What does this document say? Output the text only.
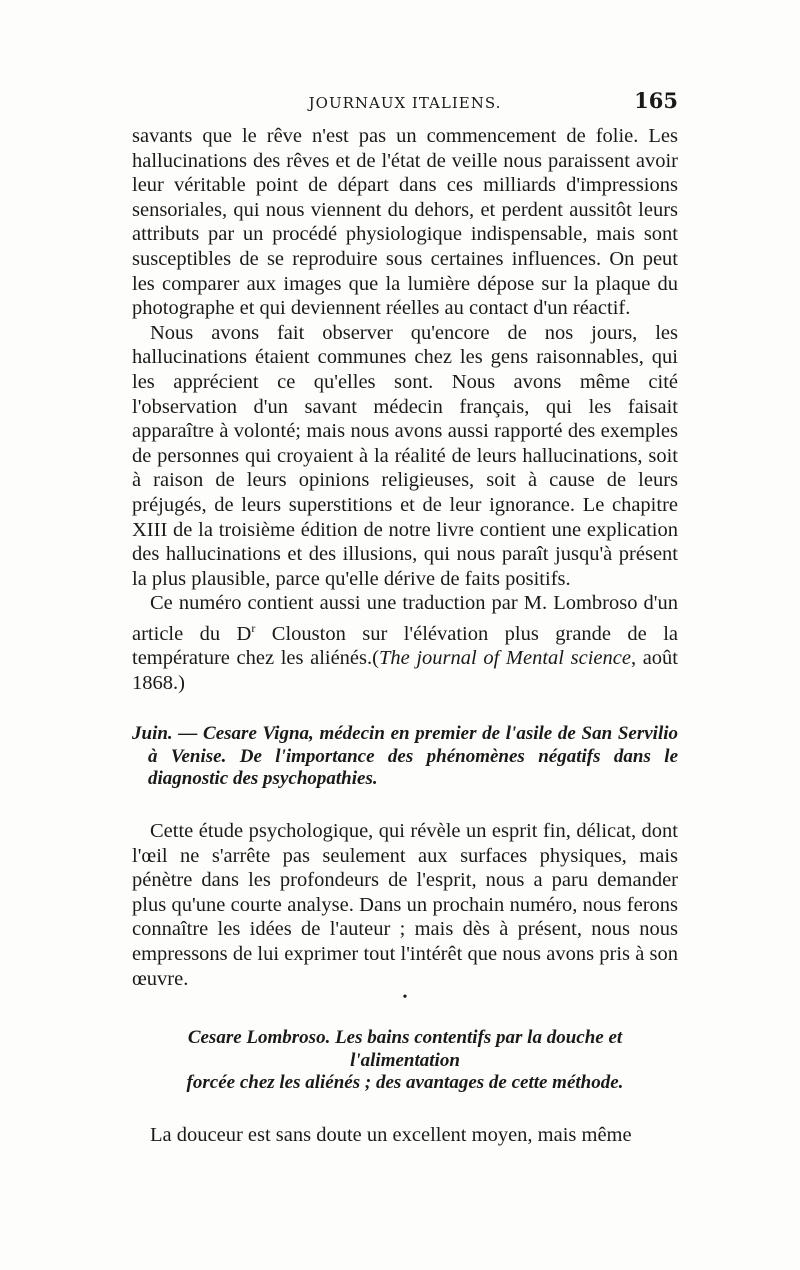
JOURNAUX ITALIENS.	165

savants que le rêve n'est pas un commencement de folie. Les hallucinations des rêves et de l'état de veille nous paraissent avoir leur véritable point de départ dans ces milliards d'impressions sensoriales, qui nous viennent du dehors, et perdent aussitôt leurs attributs par un procédé physiologique indispensable, mais sont susceptibles de se reproduire sous certaines influences. On peut les comparer aux images que la lumière dépose sur la plaque du photographe et qui deviennent réelles au contact d'un réactif.

Nous avons fait observer qu'encore de nos jours, les hallucinations étaient communes chez les gens raisonnables, qui les apprécient ce qu'elles sont. Nous avons même cité l'observation d'un savant médecin français, qui les faisait apparaître à volonté; mais nous avons aussi rapporté des exemples de personnes qui croyaient à la réalité de leurs hallucinations, soit à raison de leurs opinions religieuses, soit à cause de leurs préjugés, de leurs superstitions et de leur ignorance. Le chapitre XIII de la troisième édition de notre livre contient une explication des hallucinations et des illusions, qui nous paraît jusqu'à présent la plus plausible, parce qu'elle dérive de faits positifs.

Ce numéro contient aussi une traduction par M. Lombroso d'un article du $D^r$ Clouston sur l'élévation plus grande de la température chez les aliénés.(The journal of Mental science, août 1868.)

Juin. — Cesare Vigna, médecin en premier de l'asile de San Servilio à Venise. De l'importance des phénomènes négatifs dans le diagnostic des psychopathies.

Cette étude psychologique, qui révèle un esprit fin, délicat, dont l'œil ne s'arrête pas seulement aux surfaces physiques, mais pénètre dans les profondeurs de l'esprit, nous a paru demander plus qu'une courte analyse. Dans un prochain numéro, nous ferons connaître les idées de l'auteur ; mais dès à présent, nous nous empressons de lui exprimer tout l'intérêt que nous avons pris à son œuvre.

•

Cesare Lombroso. Les bains contentifs par la douche et l'alimentation
forcée chez les aliénés ; des avantages de cette méthode.

La douceur est sans doute un excellent moyen, mais même
